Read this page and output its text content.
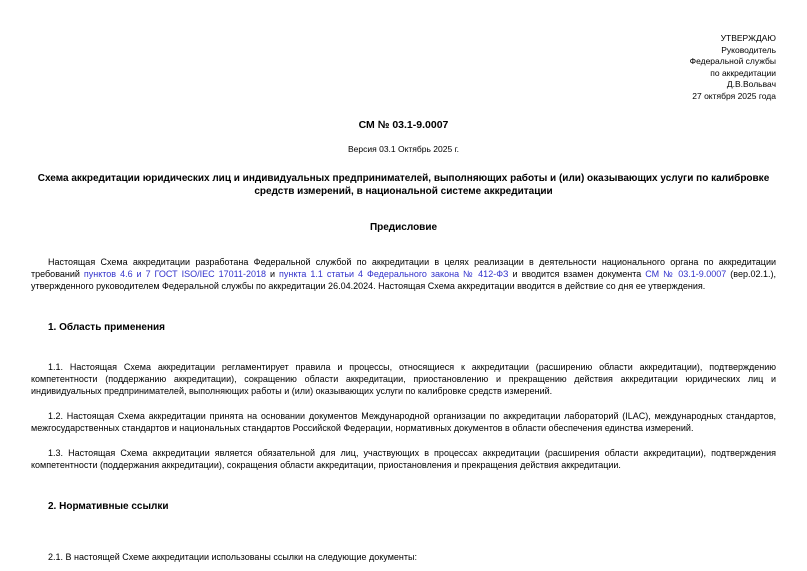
УТВЕРЖДАЮ
Руководитель
Федеральной службы
по аккредитации
Д.В.Вольвач
27 октября 2025 года
СМ № 03.1-9.0007
Версия 03.1 Октябрь 2025 г.
Схема аккредитации юридических лиц и индивидуальных предпринимателей, выполняющих работы и (или) оказывающих услуги по калибровке средств измерений, в национальной системе аккредитации
Предисловие

Настоящая Схема аккредитации разработана Федеральной службой по аккредитации в целях реализации в деятельности национального органа по аккредитации требований пунктов 4.6 и 7 ГОСТ ISO/IEC 17011-2018 и пункта 1.1 статьи 4 Федерального закона № 412-ФЗ и вводится взамен документа СМ № 03.1-9.0007 (вер.02.1.), утвержденного руководителем Федеральной службы по аккредитации 26.04.2024. Настоящая Схема аккредитации вводится в действие со дня ее утверждения.

1. Область применения

1.1. Настоящая Схема аккредитации регламентирует правила и процессы, относящиеся к аккредитации (расширению области аккредитации), подтверждению компетентности (поддержанию аккредитации), сокращению области аккредитации, приостановлению и прекращению действия аккредитации юридических лиц и индивидуальных предпринимателей, выполняющих работы и (или) оказывающих услуги по калибровке средств измерений.

1.2. Настоящая Схема аккредитации принята на основании документов Международной организации по аккредитации лабораторий (ILAC), международных стандартов, межгосударственных стандартов и национальных стандартов Российской Федерации, нормативных документов в области обеспечения единства измерений.

1.3. Настоящая Схема аккредитации является обязательной для лиц, участвующих в процессах аккредитации (расширения области аккредитации), подтверждения компетентности (поддержания аккредитации), сокращения области аккредитации, приостановления и прекращения действия аккредитации.

2. Нормативные ссылки

2.1. В настоящей Схеме аккредитации использованы ссылки на следующие документы:
